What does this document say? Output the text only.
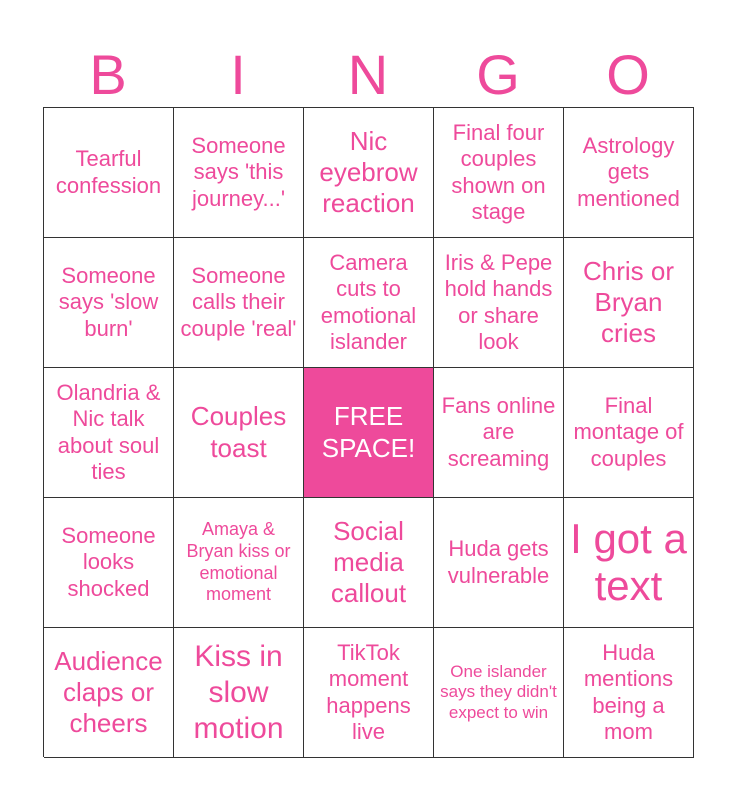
B	I	N	G	O
Tearful confession
Someone says 'this journey...'
Nic eyebrow reaction
Final four couples shown on stage
Astrology gets mentioned
Someone says 'slow burn'
Someone calls their couple 'real'
Camera cuts to emotional islander
Iris & Pepe hold hands or share look
Chris or Bryan cries
Olandria & Nic talk about soul ties
Couples toast
FREE SPACE!
Fans online are screaming
Final montage of couples
Someone looks shocked
Amaya & Bryan kiss or emotional moment
Social media callout
Huda gets vulnerable
I got a text
Audience claps or cheers
Kiss in slow motion
TikTok moment happens live
One islander says they didn't expect to win
Huda mentions being a mom
